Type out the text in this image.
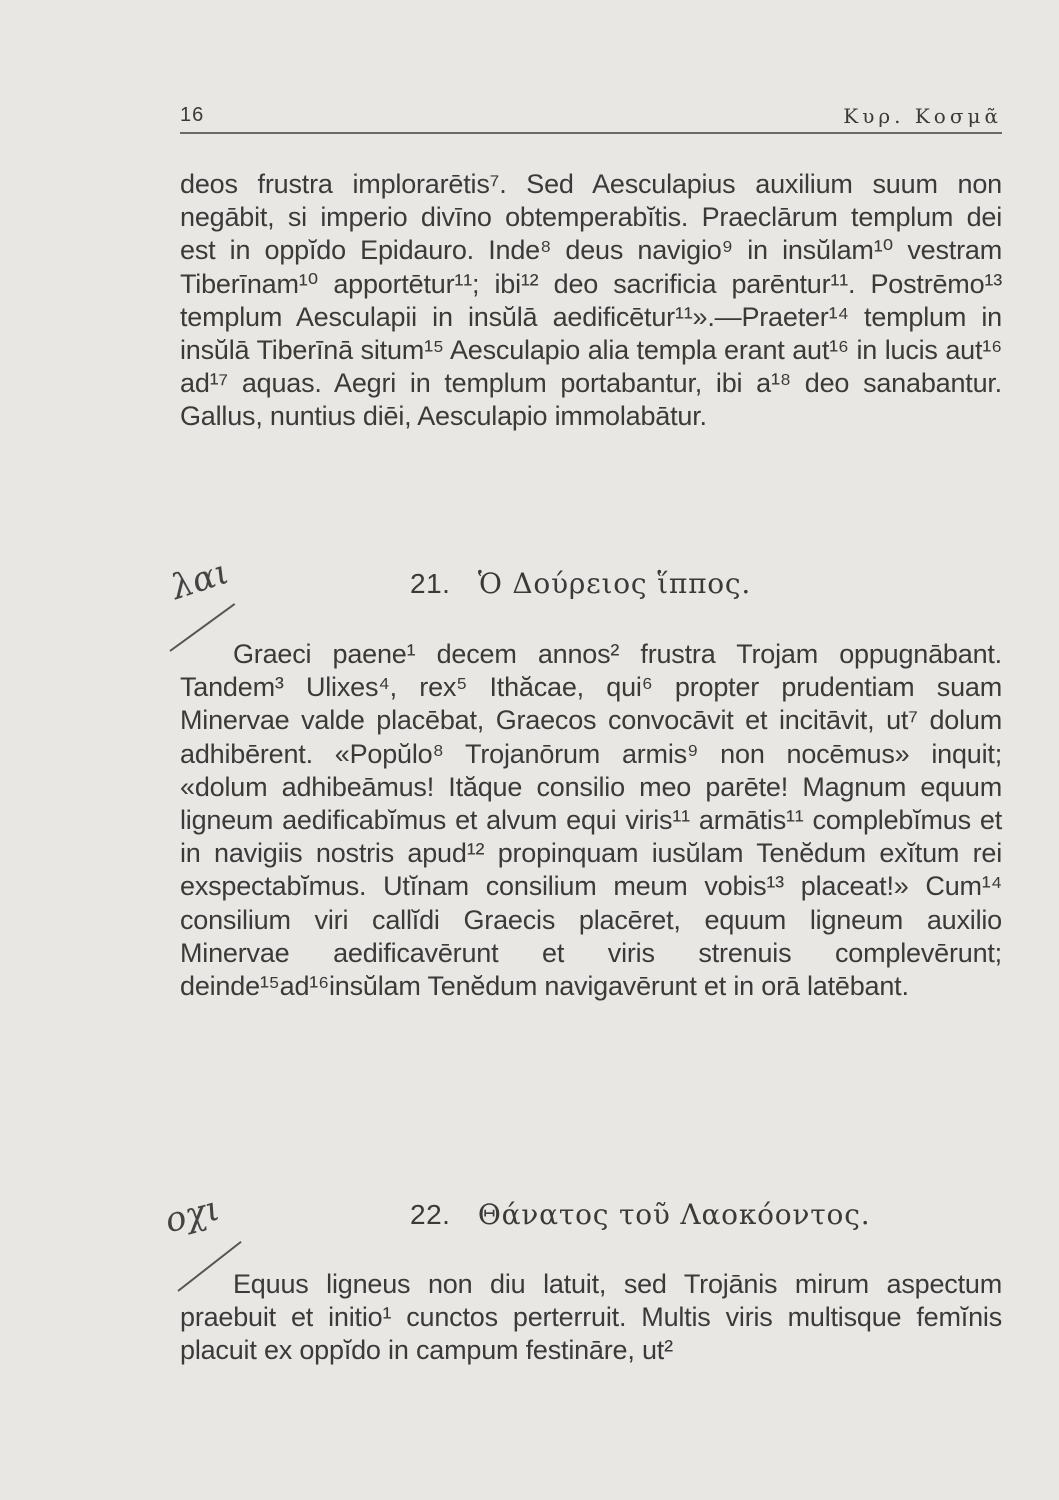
16	Κυρ. Κοσμᾶ

deos frustra implorarētis⁷. Sed Aesculapius auxilium suum non negābit, si imperio divīno obtemperabĭtis. Praeclārum templum dei est in oppĭdo Epidauro. Inde⁸ deus navigio⁹ in insŭlam¹⁰ vestram Tiberīnam¹⁰ apportētur¹¹; ibi¹² deo sacrificia parēntur¹¹. Postrēmo¹³ templum Aesculapii in insŭlā aedificētur¹¹».—Praeter¹⁴ templum in insŭlā Tiberīnā situm¹⁵ Aesculapio alia templa erant aut¹⁶ in lucis aut¹⁶ ad¹⁷ aquas. Aegri in templum portabantur, ibi a¹⁸ deo sanabantur. Gallus, nuntius diēi, Aesculapio immolabātur.

λαι	21. Ὁ Δούρειος ἵππος.

Graeci paene¹ decem annos² frustra Trojam oppugnābant. Tandem³ Ulixes⁴, rex⁵ Ithăcae, qui⁶ propter prudentiam suam Minervae valde placēbat, Graecos convocāvit et incitāvit, ut⁷ dolum adhibērent. «Popŭlo⁸ Trojanōrum armis⁹ non nocēmus» inquit; «dolum adhibeāmus! Ităque consilio meo parēte! Magnum equum ligneum aedificabĭmus et alvum equi viris¹¹ armātis¹¹ complebĭmus et in navigiis nostris apud¹² propinquam iusŭlam Tenĕdum exĭtum rei exspectabĭmus. Utĭnam consilium meum vobis¹³ placeat!» Cum¹⁴ consilium viri callĭdi Graecis placēret, equum ligneum auxilio Minervae aedificavērunt et viris strenuis complevērunt; deinde¹⁵ad¹⁶insŭlam Tenĕdum navigavērunt et in orā latēbant.

οχι	22. Θάνατος τοῦ Λαοκόοντος.

Equus ligneus non diu latuit, sed Trojānis mirum aspectum praebuit et initio¹ cunctos perterruit. Multis viris multisque femĭnis placuit ex oppĭdo in campum festināre, ut²
